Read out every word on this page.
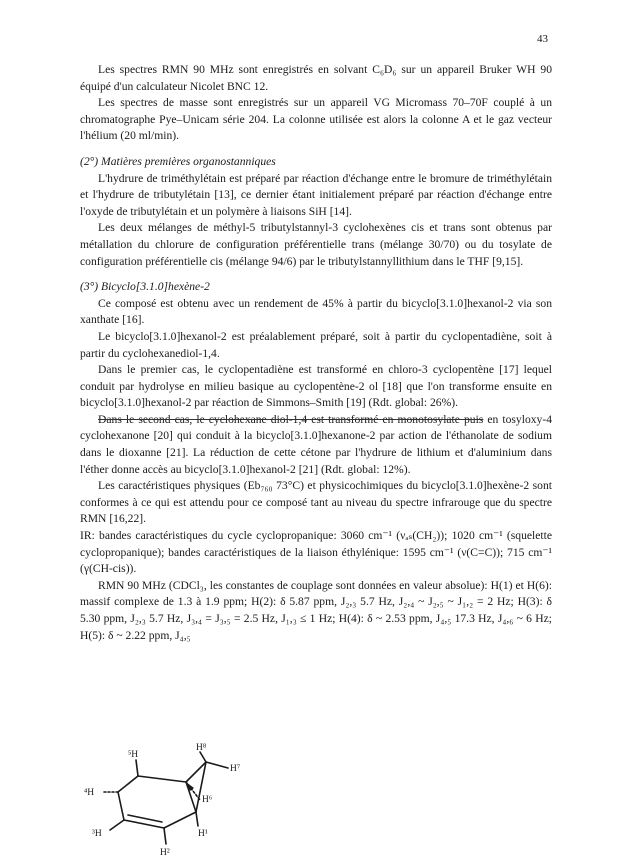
43

Les spectres RMN 90 MHz sont enregistrés en solvant C₆D₆ sur un appareil Bruker WH 90 équipé d'un calculateur Nicolet BNC 12.

Les spectres de masse sont enregistrés sur un appareil VG Micromass 70–70F couplé à un chromatographe Pye–Unicam série 204. La colonne utilisée est alors la colonne A et le gaz vecteur l'hélium (20 ml/min).

(2°) Matières premières organostanniques

L'hydrure de triméthylétain est préparé par réaction d'échange entre le bromure de triméthylétain et l'hydrure de tributylétain [13], ce dernier étant initialement préparé par réaction d'échange entre l'oxyde de tributylétain et un polymère à liaisons SiH [14].

Les deux mélanges de méthyl-5 tributylstannyl-3 cyclohexènes cis et trans sont obtenus par métallation du chlorure de configuration préférentielle trans (mélange 30/70) ou du tosylate de configuration préférentielle cis (mélange 94/6) par le tributylstannyllithium dans le THF [9,15].

(3°) Bicyclo[3.1.0]hexène-2

Ce composé est obtenu avec un rendement de 45% à partir du bicyclo[3.1.0]hexanol-2 via son xanthate [16].

Le bicyclo[3.1.0]hexanol-2 est préalablement préparé, soit à partir du cyclopentadiène, soit à partir du cyclohexanediol-1,4.

Dans le premier cas, le cyclopentadiène est transformé en chloro-3 cyclopentène [17] lequel conduit par hydrolyse en milieu basique au cyclopentène-2 ol [18] que l'on transforme ensuite en bicyclo[3.1.0]hexanol-2 par réaction de Simmons–Smith [19] (Rdt. global: 26%).

Dans le second cas, le cyclohexane diol-1,4 est transformé en monotosylate puis en tosyloxy-4 cyclohexanone [20] qui conduit à la bicyclo[3.1.0]hexanone-2 par action de l'éthanolate de sodium dans le dioxanne [21]. La réduction de cette cétone par l'hydrure de lithium et d'aluminium dans l'éther donne accès au bicyclo[3.1.0]hexanol-2 [21] (Rdt. global: 12%).

Les caractéristiques physiques (Eb₇₆₀ 73°C) et physicochimiques du bicyclo[3.1.0]hexène-2 sont conformes à ce qui est attendu pour ce composé tant au niveau du spectre infrarouge que du spectre RMN [16,22].

IR: bandes caractéristiques du cycle cyclopropanique: 3060 cm⁻¹ (νₐₛ(CH₂)); 1020 cm⁻¹ (squelette cyclopropanique); bandes caractéristiques de la liaison éthylénique: 1595 cm⁻¹ (ν(C=C)); 715 cm⁻¹ (γ(CH-cis)).

RMN 90 MHz (CDCl₃, les constantes de couplage sont données en valeur absolue): H(1) et H(6): massif complexe de 1.3 à 1.9 ppm; H(2): δ 5.87 ppm, J₂,₃ 5.7 Hz, J₂,₄ ~ J₂,₅ ~ J₁,₂ = 2 Hz; H(3): δ 5.30 ppm, J₂,₃ 5.7 Hz, J₃,₄ = J₃,₅ = 2.5 Hz, J₁,₃ ≤ 1 Hz; H(4): δ ~ 2.53 ppm, J₄,₅ 17.3 Hz, J₄,₆ ~ 6 Hz; H(5): δ ~ 2.22 ppm, J₄,₅

H⁸
H⁷
⁵H
⁴H
H⁶
³H	H¹
H²
